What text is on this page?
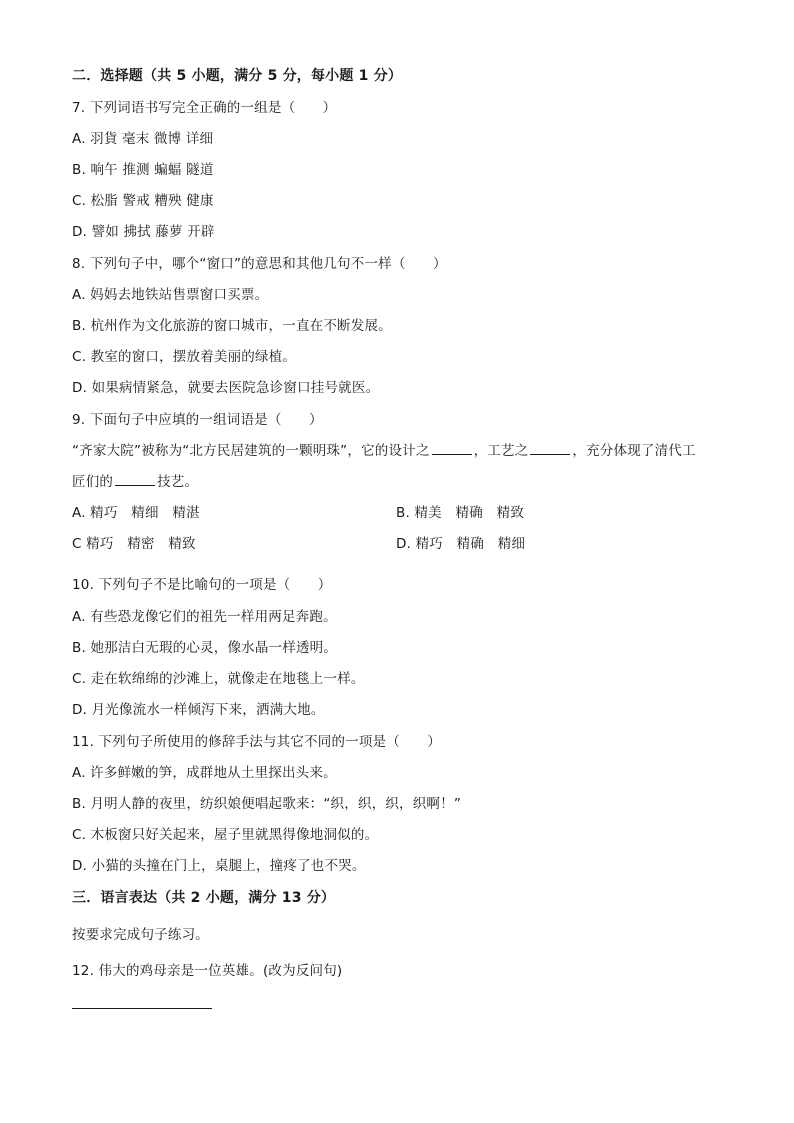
二．选择题（共 5 小题，满分 5 分，每小题 1 分）
7. 下列词语书写完全正确的一组是（　　）
A. 羽貨 毫末 微博 详细
B. 响午 推测 蝙蝠 隧道
C. 松脂 警戒 糟殃 健康
D. 譬如 拂拭 藤萝 开辟
8. 下列句子中，哪个“窗口”的意思和其他几句不一样（　　）
A. 妈妈去地铁站售票窗口买票。
B. 杭州作为文化旅游的窗口城市，一直在不断发展。
C. 教室的窗口，摆放着美丽的绿植。
D. 如果病情紧急，就要去医院急诊窗口挂号就医。
9. 下面句子中应填的一组词语是（　　）
“齐家大院”被称为“北方民居建筑的一颗明珠”，它的设计之	，工艺之	，充分体现了清代工
匠们的	技艺。
A. 精巧　精细　精湛	B. 精美　精确　精致
C 精巧　精密　精致	D. 精巧　精确　精细
10. 下列句子不是比喻句的一项是（　　）
A. 有些恐龙像它们的祖先一样用两足奔跑。
B. 她那洁白无瑕的心灵，像水晶一样透明。
C. 走在软绵绵的沙滩上，就像走在地毯上一样。
D. 月光像流水一样倾泻下来，洒满大地。
11. 下列句子所使用的修辞手法与其它不同的一项是（　　）
A. 许多鲜嫩的笋，成群地从土里探出头来。
B. 月明人静的夜里，纺织娘便唱起歌来：“织，织，织，织啊！”
C. 木板窗只好关起来，屋子里就黑得像地洞似的。
D. 小猫的头撞在门上，桌腿上，撞疼了也不哭。
三．语言表达（共 2 小题，满分 13 分）
按要求完成句子练习。
12. 伟大的鸡母亲是一位英雄。(改为反问句)
